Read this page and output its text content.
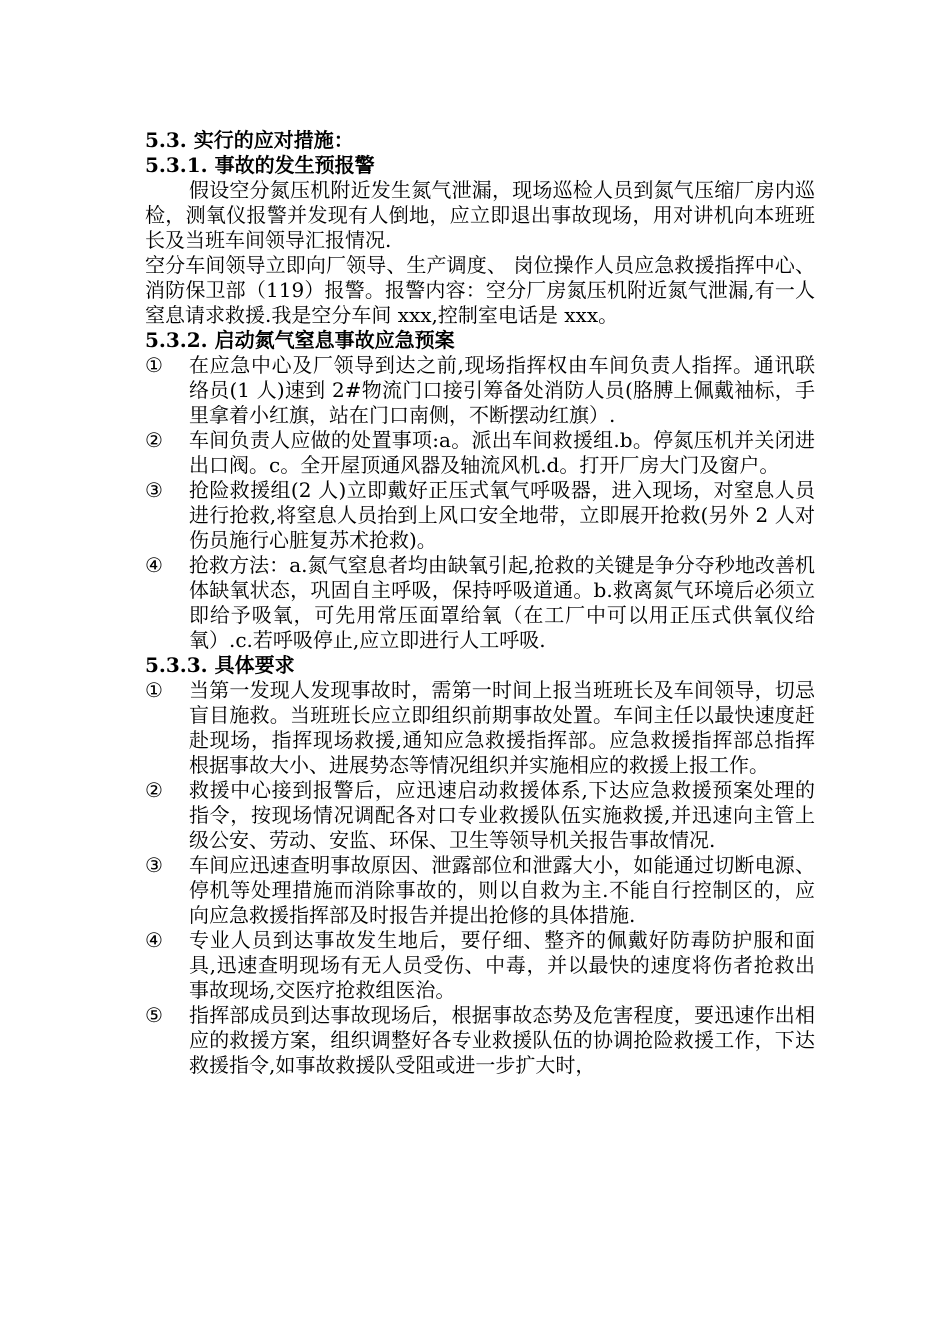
5.3. 实行的应对措施：

5.3.1. 事故的发生预报警

假设空分氮压机附近发生氮气泄漏，现场巡检人员到氮气压缩厂房内巡检，测氧仪报警并发现有人倒地，应立即退出事故现场，用对讲机向本班班长及当班车间领导汇报情况.

空分车间领导立即向厂领导、生产调度、 岗位操作人员应急救援指挥中心、消防保卫部（119）报警。报警内容：空分厂房氮压机附近氮气泄漏,有一人窒息请求救援.我是空分车间 xxx,控制室电话是 xxx。

5.3.2. 启动氮气窒息事故应急预案

①	在应急中心及厂领导到达之前,现场指挥权由车间负责人指挥。通讯联络员(1 人)速到 2#物流门口接引筹备处消防人员(胳膊上佩戴袖标，手里拿着小红旗，站在门口南侧，不断摆动红旗）.
②	车间负责人应做的处置事项:a。派出车间救援组.b。停氮压机并关闭进出口阀。c。全开屋顶通风器及轴流风机.d。打开厂房大门及窗户。
③	抢险救援组(2 人)立即戴好正压式氧气呼吸器，进入现场，对窒息人员进行抢救,将窒息人员抬到上风口安全地带，立即展开抢救(另外 2 人对伤员施行心脏复苏术抢救)。
④	抢救方法：a.氮气窒息者均由缺氧引起,抢救的关键是争分夺秒地改善机体缺氧状态，巩固自主呼吸，保持呼吸道通。b.救离氮气环境后必须立即给予吸氧，可先用常压面罩给氧（在工厂中可以用正压式供氧仪给氧）.c.若呼吸停止,应立即进行人工呼吸.

5.3.3. 具体要求

①	当第一发现人发现事故时，需第一时间上报当班班长及车间领导，切忌盲目施救。当班班长应立即组织前期事故处置。车间主任以最快速度赶赴现场，指挥现场救援,通知应急救援指挥部。应急救援指挥部总指挥根据事故大小、进展势态等情况组织并实施相应的救援上报工作。
②	救援中心接到报警后，应迅速启动救援体系,下达应急救援预案处理的指令，按现场情况调配各对口专业救援队伍实施救援,并迅速向主管上级公安、劳动、安监、环保、卫生等领导机关报告事故情况.
③	车间应迅速查明事故原因、泄露部位和泄露大小，如能通过切断电源、停机等处理措施而消除事故的，则以自救为主.不能自行控制区的，应向应急救援指挥部及时报告并提出抢修的具体措施.
④	专业人员到达事故发生地后，要仔细、整齐的佩戴好防毒防护服和面具,迅速查明现场有无人员受伤、中毒，并以最快的速度将伤者抢救出事故现场,交医疗抢救组医治。
⑤	指挥部成员到达事故现场后，根据事故态势及危害程度，要迅速作出相应的救援方案，组织调整好各专业救援队伍的协调抢险救援工作，下达救援指令,如事故救援队受阻或进一步扩大时，
